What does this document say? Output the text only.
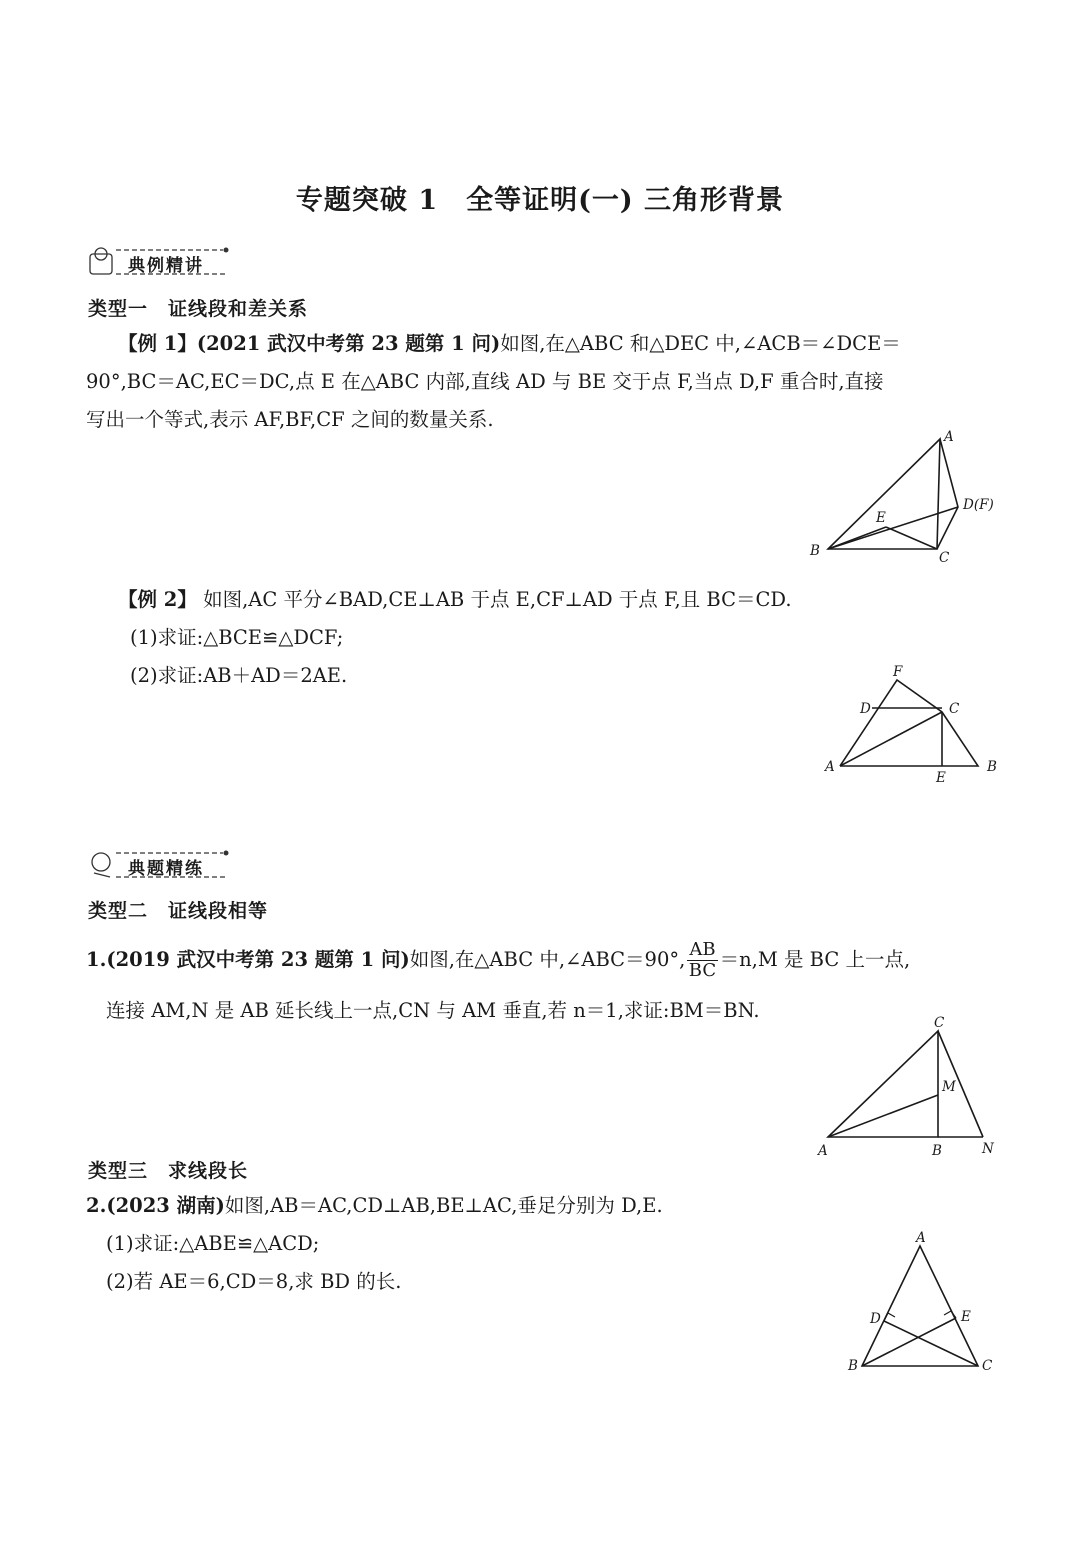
专题突破 1　全等证明(一) 三角形背景
典例精讲
类型一　证线段和差关系
【例 1】(2021 武汉中考第 23 题第 1 问)如图,在△ABC 和△DEC 中,∠ACB＝∠DCE＝
90°,BC＝AC,EC＝DC,点 E 在△ABC 内部,直线 AD 与 BE 交于点 F,当点 D,F 重合时,直接
写出一个等式,表示 AF,BF,CF 之间的数量关系.
A
B	C
E
D(F)
【例 2】 如图,AC 平分∠BAD,CE⊥AB 于点 E,CF⊥AD 于点 F,且 BC＝CD.
(1)求证:△BCE≌△DCF;
(2)求证:AB＋AD＝2AE.	F
D	C
A
E
B
典题精练
类型二　证线段相等
1.(2019 武汉中考第 23 题第 1 问)如图,在△ABC 中,∠ABC＝90°, $\frac{AB}{BC} =n,M$ 是 BC 上一点,
连接 AM,N 是 AB 延长线上一点,CN 与 AM 垂直,若 n＝1,求证:BM＝BN.
C
M
A	B	N
类型三　求线段长
2.(2023 湖南)如图,AB＝AC,CD⊥AB,BE⊥AC,垂足分别为 D,E.
(1)求证:△ABE≌△ACD;
(2)若 AE＝6,CD＝8,求 BD 的长.
A
D	E
B	C
